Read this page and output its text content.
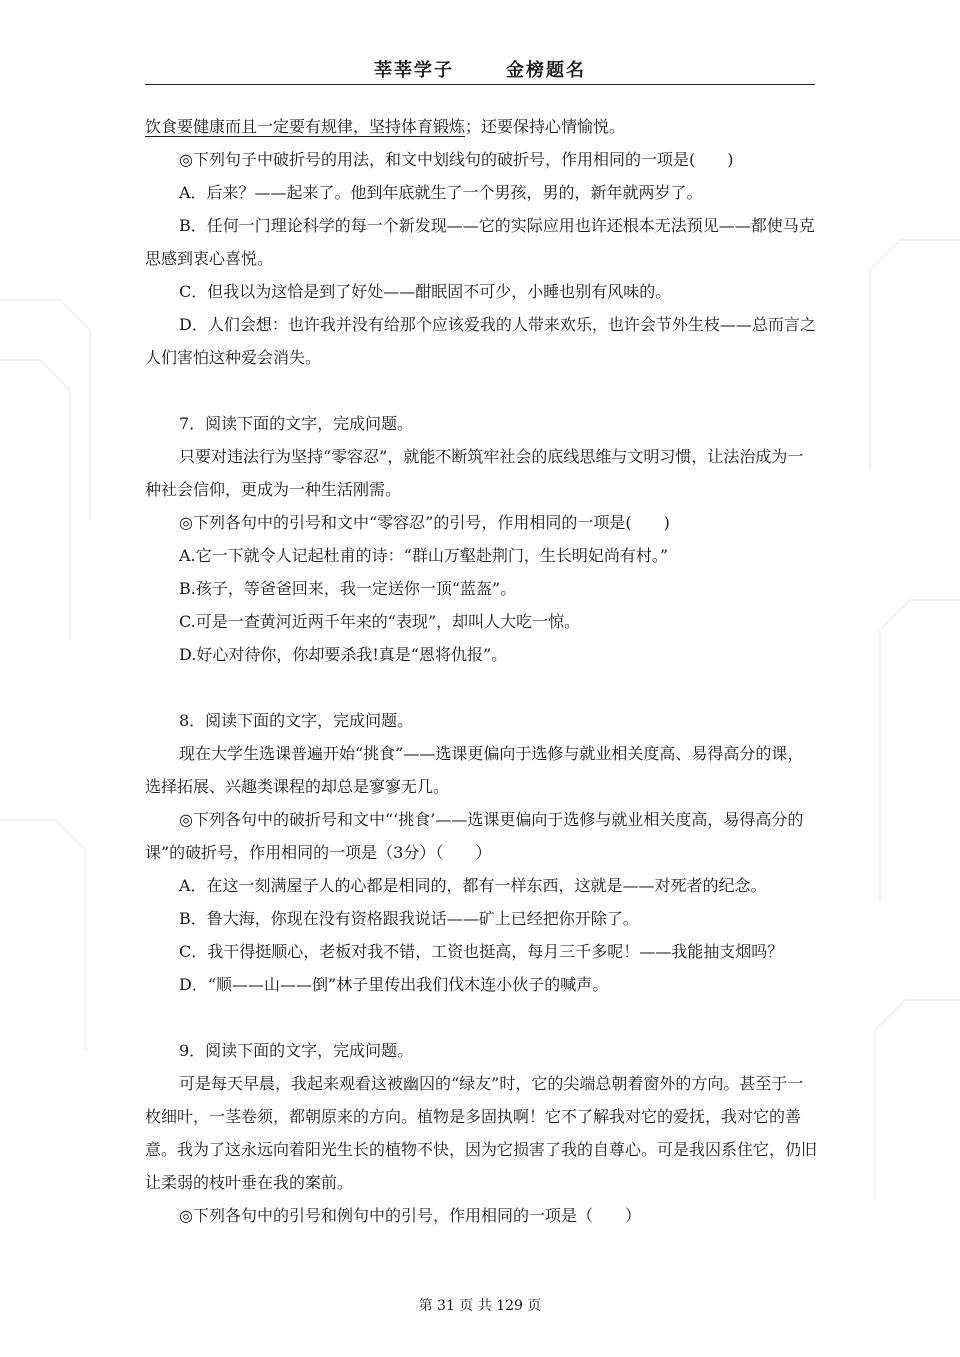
莘莘学子	金榜题名

饮食要健康而且一定要有规律，坚持体育锻炼；还要保持心情愉悦。

◎下列句子中破折号的用法，和文中划线句的破折号，作用相同的一项是(　　)

A．后来？——起来了。他到年底就生了一个男孩，男的，新年就两岁了。

B．任何一门理论科学的每一个新发现——它的实际应用也许还根本无法预见——都使马克思感到衷心喜悦。

C．但我以为这恰是到了好处——酣眠固不可少，小睡也别有风味的。

D．人们会想：也许我并没有给那个应该爱我的人带来欢乐，也许会节外生枝——总而言之人们害怕这种爱会消失。

7．阅读下面的文字，完成问题。

只要对违法行为坚持“零容忍”，就能不断筑牢社会的底线思维与文明习惯，让法治成为一种社会信仰，更成为一种生活刚需。

◎下列各句中的引号和文中“零容忍”的引号，作用相同的一项是(　　)

A.它一下就令人记起杜甫的诗：“群山万壑赴荆门，生长明妃尚有村。”

B.孩子，等爸爸回来，我一定送你一顶“蓝盔”。

C.可是一查黄河近两千年来的“表现”，却叫人大吃一惊。

D.好心对待你，你却要杀我!真是“恩将仇报”。

8．阅读下面的文字，完成问题。

现在大学生选课普遍开始“挑食”——选课更偏向于选修与就业相关度高、易得高分的课，选择拓展、兴趣类课程的却总是寥寥无几。

◎下列各句中的破折号和文中“‘挑食’——选课更偏向于选修与就业相关度高，易得高分的课”的破折号，作用相同的一项是（3分）（　　）

A．在这一刻满屋子人的心都是相同的，都有一样东西，这就是——对死者的纪念。

B．鲁大海，你现在没有资格跟我说话——矿上已经把你开除了。

C．我干得挺顺心，老板对我不错，工资也挺高，每月三千多呢！——我能抽支烟吗？

D．“顺——山——倒”林子里传出我们伐木连小伙子的喊声。

9．阅读下面的文字，完成问题。

可是每天早晨，我起来观看这被幽囚的“绿友”时，它的尖端总朝着窗外的方向。甚至于一枚细叶，一茎卷须，都朝原来的方向。植物是多固执啊！它不了解我对它的爱抚，我对它的善意。我为了这永远向着阳光生长的植物不快，因为它损害了我的自尊心。可是我囚系住它，仍旧让柔弱的枝叶垂在我的案前。

◎下列各句中的引号和例句中的引号，作用相同的一项是（　　）

第 31 页 共 129 页
